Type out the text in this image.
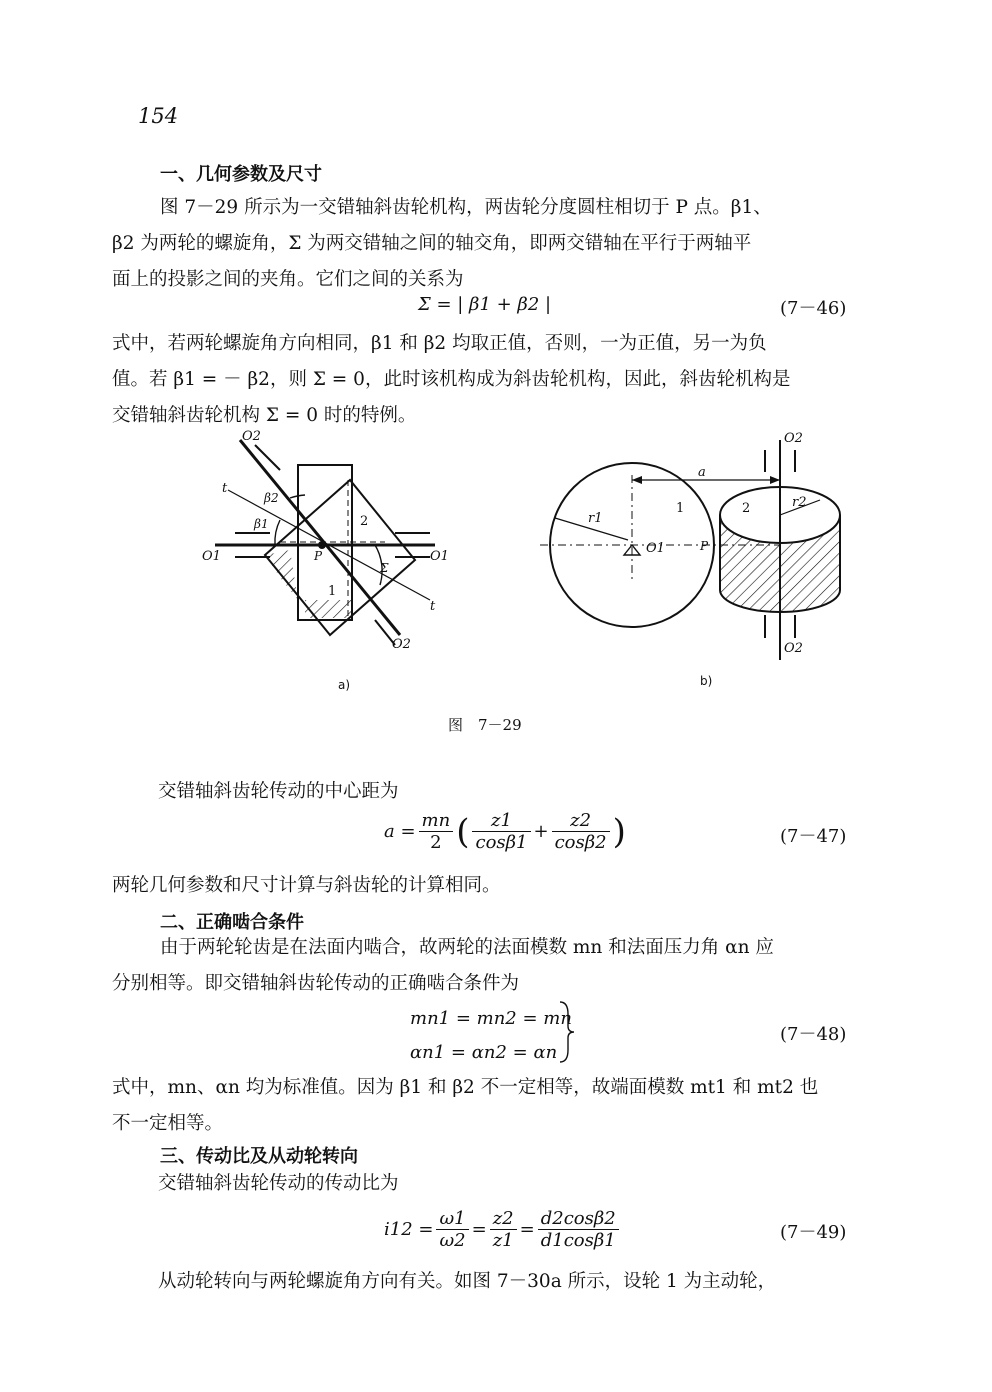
154
一、几何参数及尺寸
图 7－29 所示为一交错轴斜齿轮机构，两齿轮分度圆柱相切于 P 点。β1、
β2 为两轮的螺旋角，Σ 为两交错轴之间的轴交角，即两交错轴在平行于两轴平
面上的投影之间的夹角。它们之间的关系为
Σ = | β1 + β2 |	(7－46)
式中，若两轮螺旋角方向相同，β1 和 β2 均取正值，否则，一为正值，另一为负
值。若 β1 = － β2，则 Σ = 0，此时该机构成为斜齿轮机构，因此，斜齿轮机构是
交错轴斜齿轮机构 Σ = 0 时的特例。
O2
O2
O1	O1
t
t
β1
β2
Σ
P
1
2
O2
O2
O1
a
r1
r2
P
1	2
a)	b)
图　7－29
交错轴斜齿轮传动的中心距为
$a = \frac{mn}{2}$ ( $\frac{z1}{\cos\beta 1} + \frac{z2}{\cos\beta 2}$ )	(7－47)
两轮几何参数和尺寸计算与斜齿轮的计算相同。
二、正确啮合条件
由于两轮轮齿是在法面内啮合，故两轮的法面模数 mn 和法面压力角 αn 应
分别相等。即交错轴斜齿轮传动的正确啮合条件为
mn1 = mn2 = mn
αn1 = αn2 = αn
(7－48)
式中，mn、αn 均为标准值。因为 β1 和 β2 不一定相等，故端面模数 mt1 和 mt2 也
不一定相等。
三、传动比及从动轮转向
交错轴斜齿轮传动的传动比为
$i12 = \frac{\omega 1}{\omega 2} = \frac{z2}{z1} = \frac{d2\cos\beta 2}{d1\cos\beta 1}$	(7－49)
从动轮转向与两轮螺旋角方向有关。如图 7－30a 所示，设轮 1 为主动轮，
